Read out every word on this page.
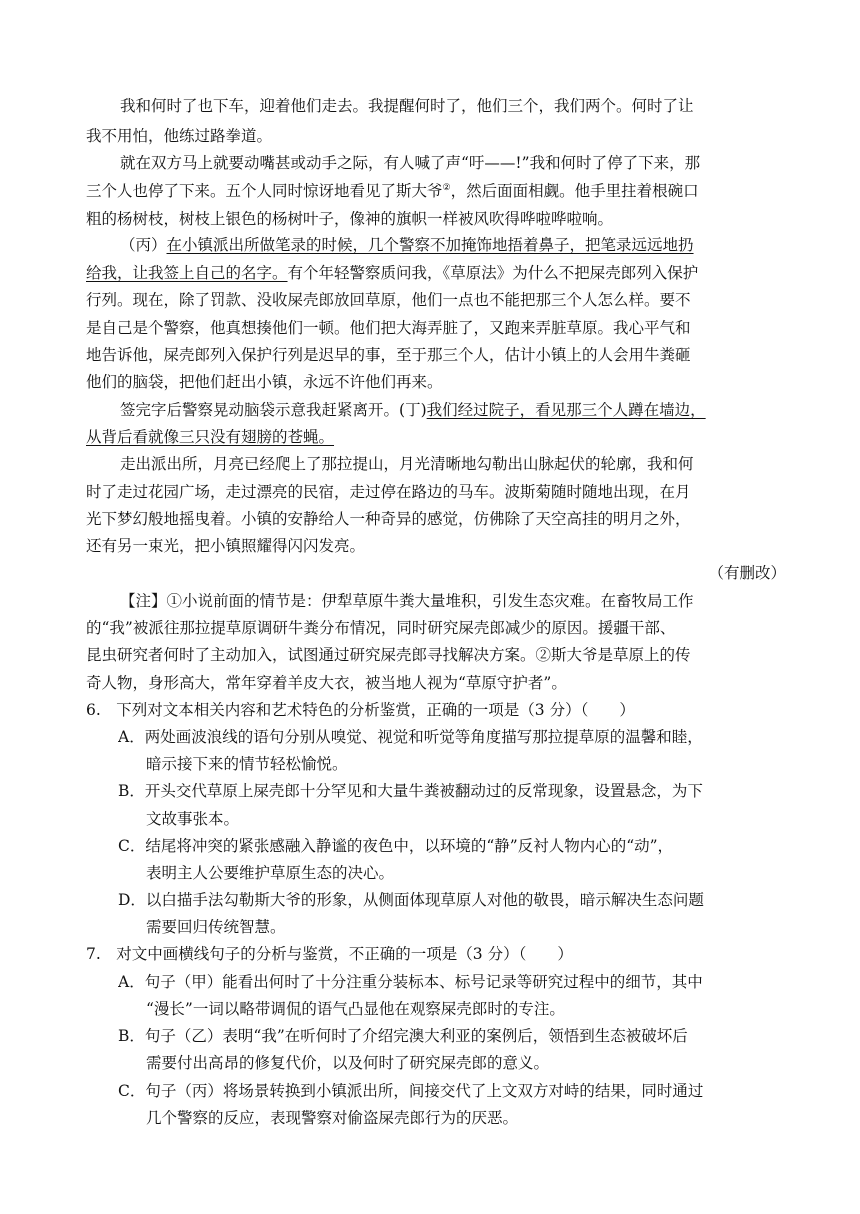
我和何时了也下车，迎着他们走去。我提醒何时了，他们三个，我们两个。何时了让
我不用怕，他练过路拳道。
就在双方马上就要动嘴甚或动手之际，有人喊了声“吁——!”我和何时了停了下来，那
三个人也停了下来。五个人同时惊讶地看见了斯大爷②，然后面面相觑。他手里拄着根碗口
粗的杨树枝，树枝上银色的杨树叶子，像神的旗帜一样被风吹得哗啦哗啦响。
（丙）在小镇派出所做笔录的时候，几个警察不加掩饰地捂着鼻子，把笔录远远地扔
给我，让我签上自己的名字。有个年轻警察质问我，《草原法》为什么不把屎壳郎列入保护
行列。现在，除了罚款、没收屎壳郎放回草原，他们一点也不能把那三个人怎么样。要不
是自己是个警察，他真想揍他们一顿。他们把大海弄脏了，又跑来弄脏草原。我心平气和
地告诉他，屎壳郎列入保护行列是迟早的事，至于那三个人，估计小镇上的人会用牛粪砸
他们的脑袋，把他们赶出小镇，永远不许他们再来。
签完字后警察晃动脑袋示意我赶紧离开。(丁)我们经过院子，看见那三个人蹲在墙边，
从背后看就像三只没有翅膀的苍蝇。
走出派出所，月亮已经爬上了那拉提山，月光清晰地勾勒出山脉起伏的轮廓，我和何
时了走过花园广场，走过漂亮的民宿，走过停在路边的马车。波斯菊随时随地出现，在月
光下梦幻般地摇曳着。小镇的安静给人一种奇异的感觉，仿佛除了天空高挂的明月之外，
还有另一束光，把小镇照耀得闪闪发亮。
（有删改）
【注】①小说前面的情节是：伊犁草原牛粪大量堆积，引发生态灾难。在畜牧局工作
的“我”被派往那拉提草原调研牛粪分布情况，同时研究屎壳郎减少的原因。援疆干部、
昆虫研究者何时了主动加入，试图通过研究屎壳郎寻找解决方案。②斯大爷是草原上的传
奇人物，身形高大，常年穿着羊皮大衣，被当地人视为“草原守护者”。
6.　下列对文本相关内容和艺术特色的分析鉴赏，正确的一项是（3 分）（　　）
A．两处画波浪线的语句分别从嗅觉、视觉和听觉等角度描写那拉提草原的温馨和睦，
暗示接下来的情节轻松愉悦。
B．开头交代草原上屎壳郎十分罕见和大量牛粪被翻动过的反常现象，设置悬念，为下
文故事张本。
C．结尾将冲突的紧张感融入静谧的夜色中，以环境的“静”反衬人物内心的“动”，
表明主人公要维护草原生态的决心。
D．以白描手法勾勒斯大爷的形象，从侧面体现草原人对他的敬畏，暗示解决生态问题
需要回归传统智慧。
7.　对文中画横线句子的分析与鉴赏，不正确的一项是（3 分）（　　）
A．句子（甲）能看出何时了十分注重分装标本、标号记录等研究过程中的细节，其中
“漫长”一词以略带调侃的语气凸显他在观察屎壳郎时的专注。
B．句子（乙）表明“我”在听何时了介绍完澳大利亚的案例后，领悟到生态被破坏后
需要付出高昂的修复代价，以及何时了研究屎壳郎的意义。
C．句子（丙）将场景转换到小镇派出所，间接交代了上文双方对峙的结果，同时通过
几个警察的反应，表现警察对偷盗屎壳郎行为的厌恶。
